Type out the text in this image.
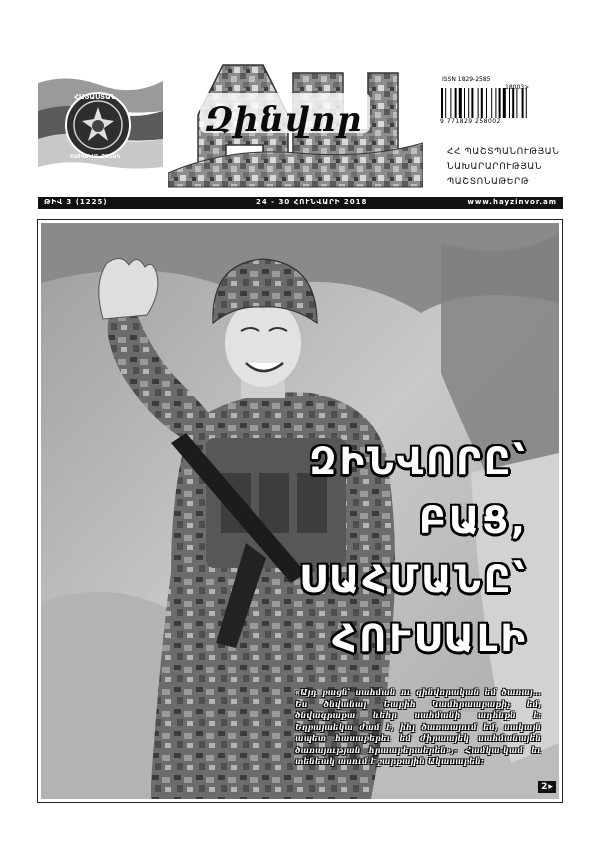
ՀԱՅԱՍՏԱՆ
ՀԱՅԿԱԿԱՆ ԲԱՆԱԿ
Զինվոր
ISSN 1829-2585
18003>
9 771829 258002
ՀՀ ՊԱՇՏՊԱՆՈՒԹՅԱՆ
ՆԱԽԱՐԱՐՈՒԹՅԱՆ
ՊԱՇՏՈՆԱԹԵՐԹ
ԹԻՎ 3 (1225)	24 - 30 ՀՈՒՆՎԱՐԻ 2018	www.hayzinvor.am
ԶԻՆՎՈՐԸ՝
ԲԱՑ,
ՍԱՀՄԱՆԸ՝
ՀՈՒՍԱԼԻ
«Այդ բացն՝ սահման ու զինվորական եմ ծառայ... Ես ծնվանալ Նաբիհ Կամհրաաբաքիչ եմ, ծնվագրաքա ևեհր սահմանի ադհնքն է: Եղբայաեկա ժամ է, իհլ ծառաայում եմ, սակայն ապետ հասաբերեւ եմ ժիրաայեկ սահմանայեն ծառայության հրաաբերաերեն»,- Համկա-կամ եւ տենեակ ասում է շարքային Ակասաբեն:
2 ▸
